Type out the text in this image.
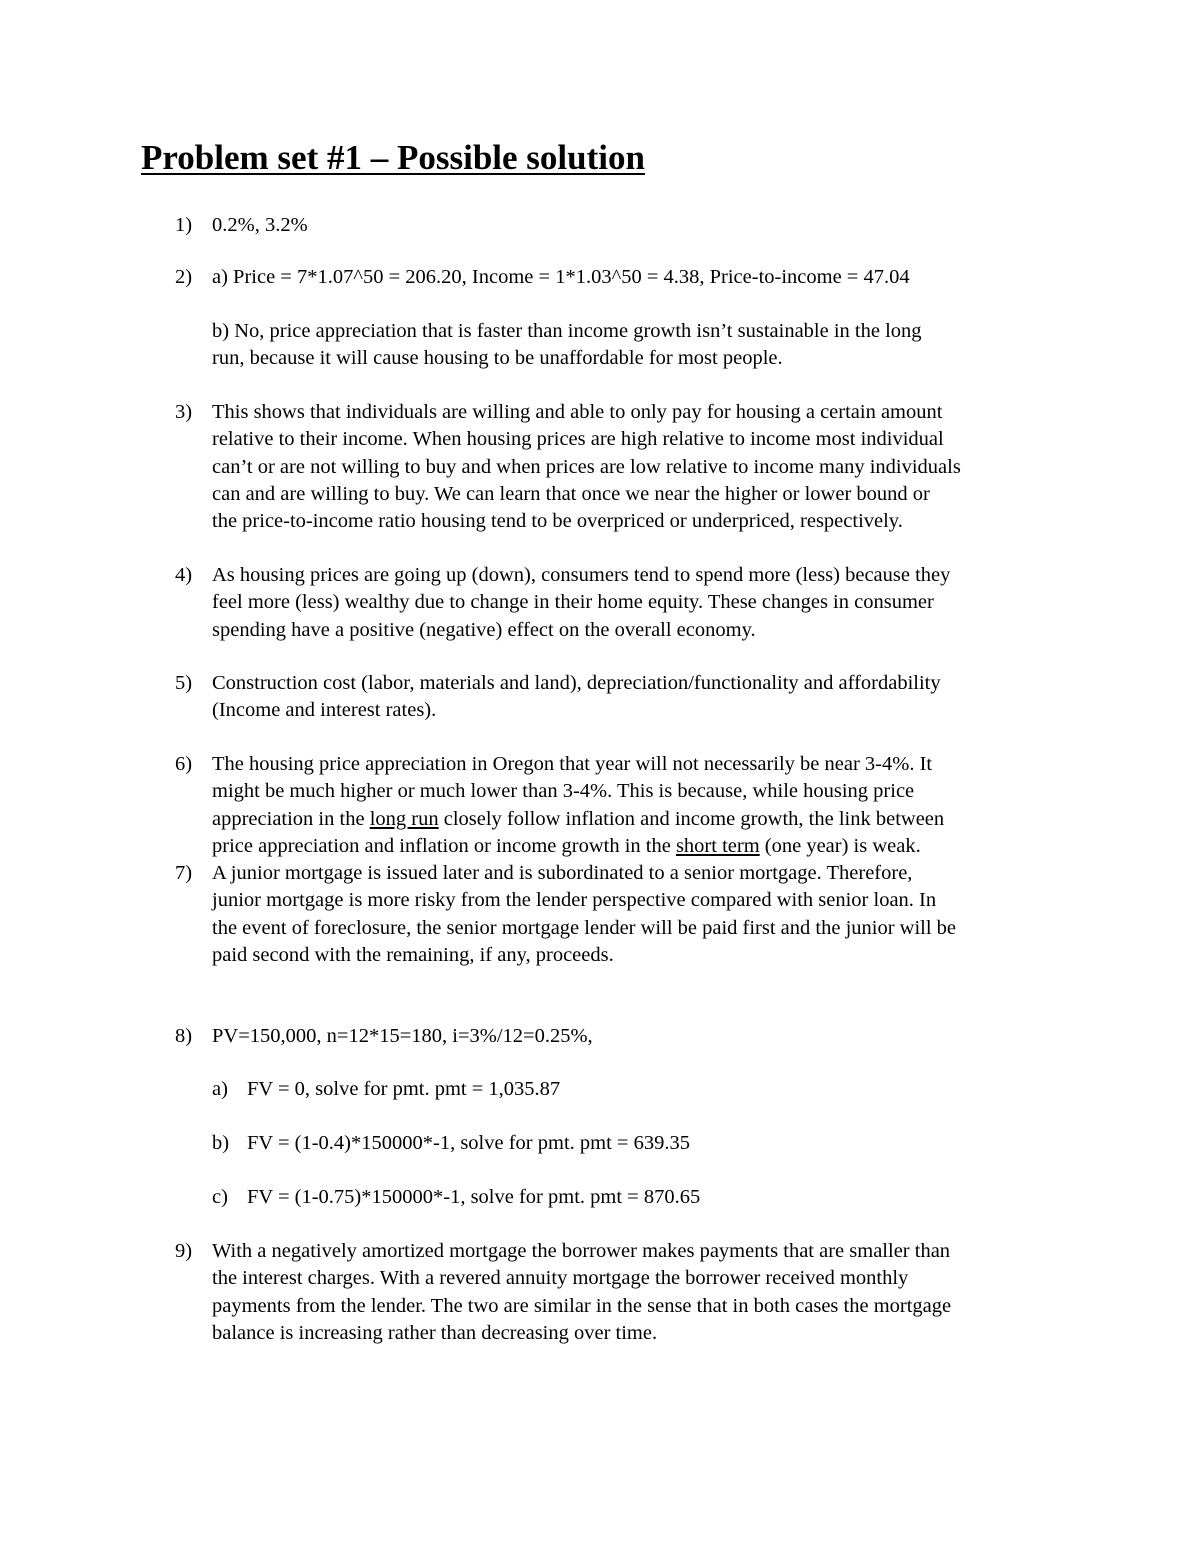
Problem set #1 – Possible solution
1) 0.2%, 3.2%
2) a) Price = 7*1.07^50 = 206.20, Income = 1*1.03^50 = 4.38, Price-to-income = 47.04
b) No, price appreciation that is faster than income growth isn’t sustainable in the long
run, because it will cause housing to be unaffordable for most people.
3) This shows that individuals are willing and able to only pay for housing a certain amount
relative to their income. When housing prices are high relative to income most individual
can’t or are not willing to buy and when prices are low relative to income many individuals
can and are willing to buy. We can learn that once we near the higher or lower bound or
the price-to-income ratio housing tend to be overpriced or underpriced, respectively.
4) As housing prices are going up (down), consumers tend to spend more (less) because they
feel more (less) wealthy due to change in their home equity. These changes in consumer
spending have a positive (negative) effect on the overall economy.
5) Construction cost (labor, materials and land), depreciation/functionality and affordability
(Income and interest rates).
6) The housing price appreciation in Oregon that year will not necessarily be near 3-4%. It
might be much higher or much lower than 3-4%. This is because, while housing price
appreciation in the long run closely follow inflation and income growth, the link between
price appreciation and inflation or income growth in the short term (one year) is weak.
7) A junior mortgage is issued later and is subordinated to a senior mortgage. Therefore,
junior mortgage is more risky from the lender perspective compared with senior loan. In
the event of foreclosure, the senior mortgage lender will be paid first and the junior will be
paid second with the remaining, if any, proceeds.
8) PV=150,000, n=12*15=180, i=3%/12=0.25%,
a) FV = 0, solve for pmt. pmt = 1,035.87
b) FV = (1-0.4)*150000*-1, solve for pmt. pmt = 639.35
c) FV = (1-0.75)*150000*-1, solve for pmt. pmt = 870.65
9) With a negatively amortized mortgage the borrower makes payments that are smaller than
the interest charges. With a revered annuity mortgage the borrower received monthly
payments from the lender. The two are similar in the sense that in both cases the mortgage
balance is increasing rather than decreasing over time.
